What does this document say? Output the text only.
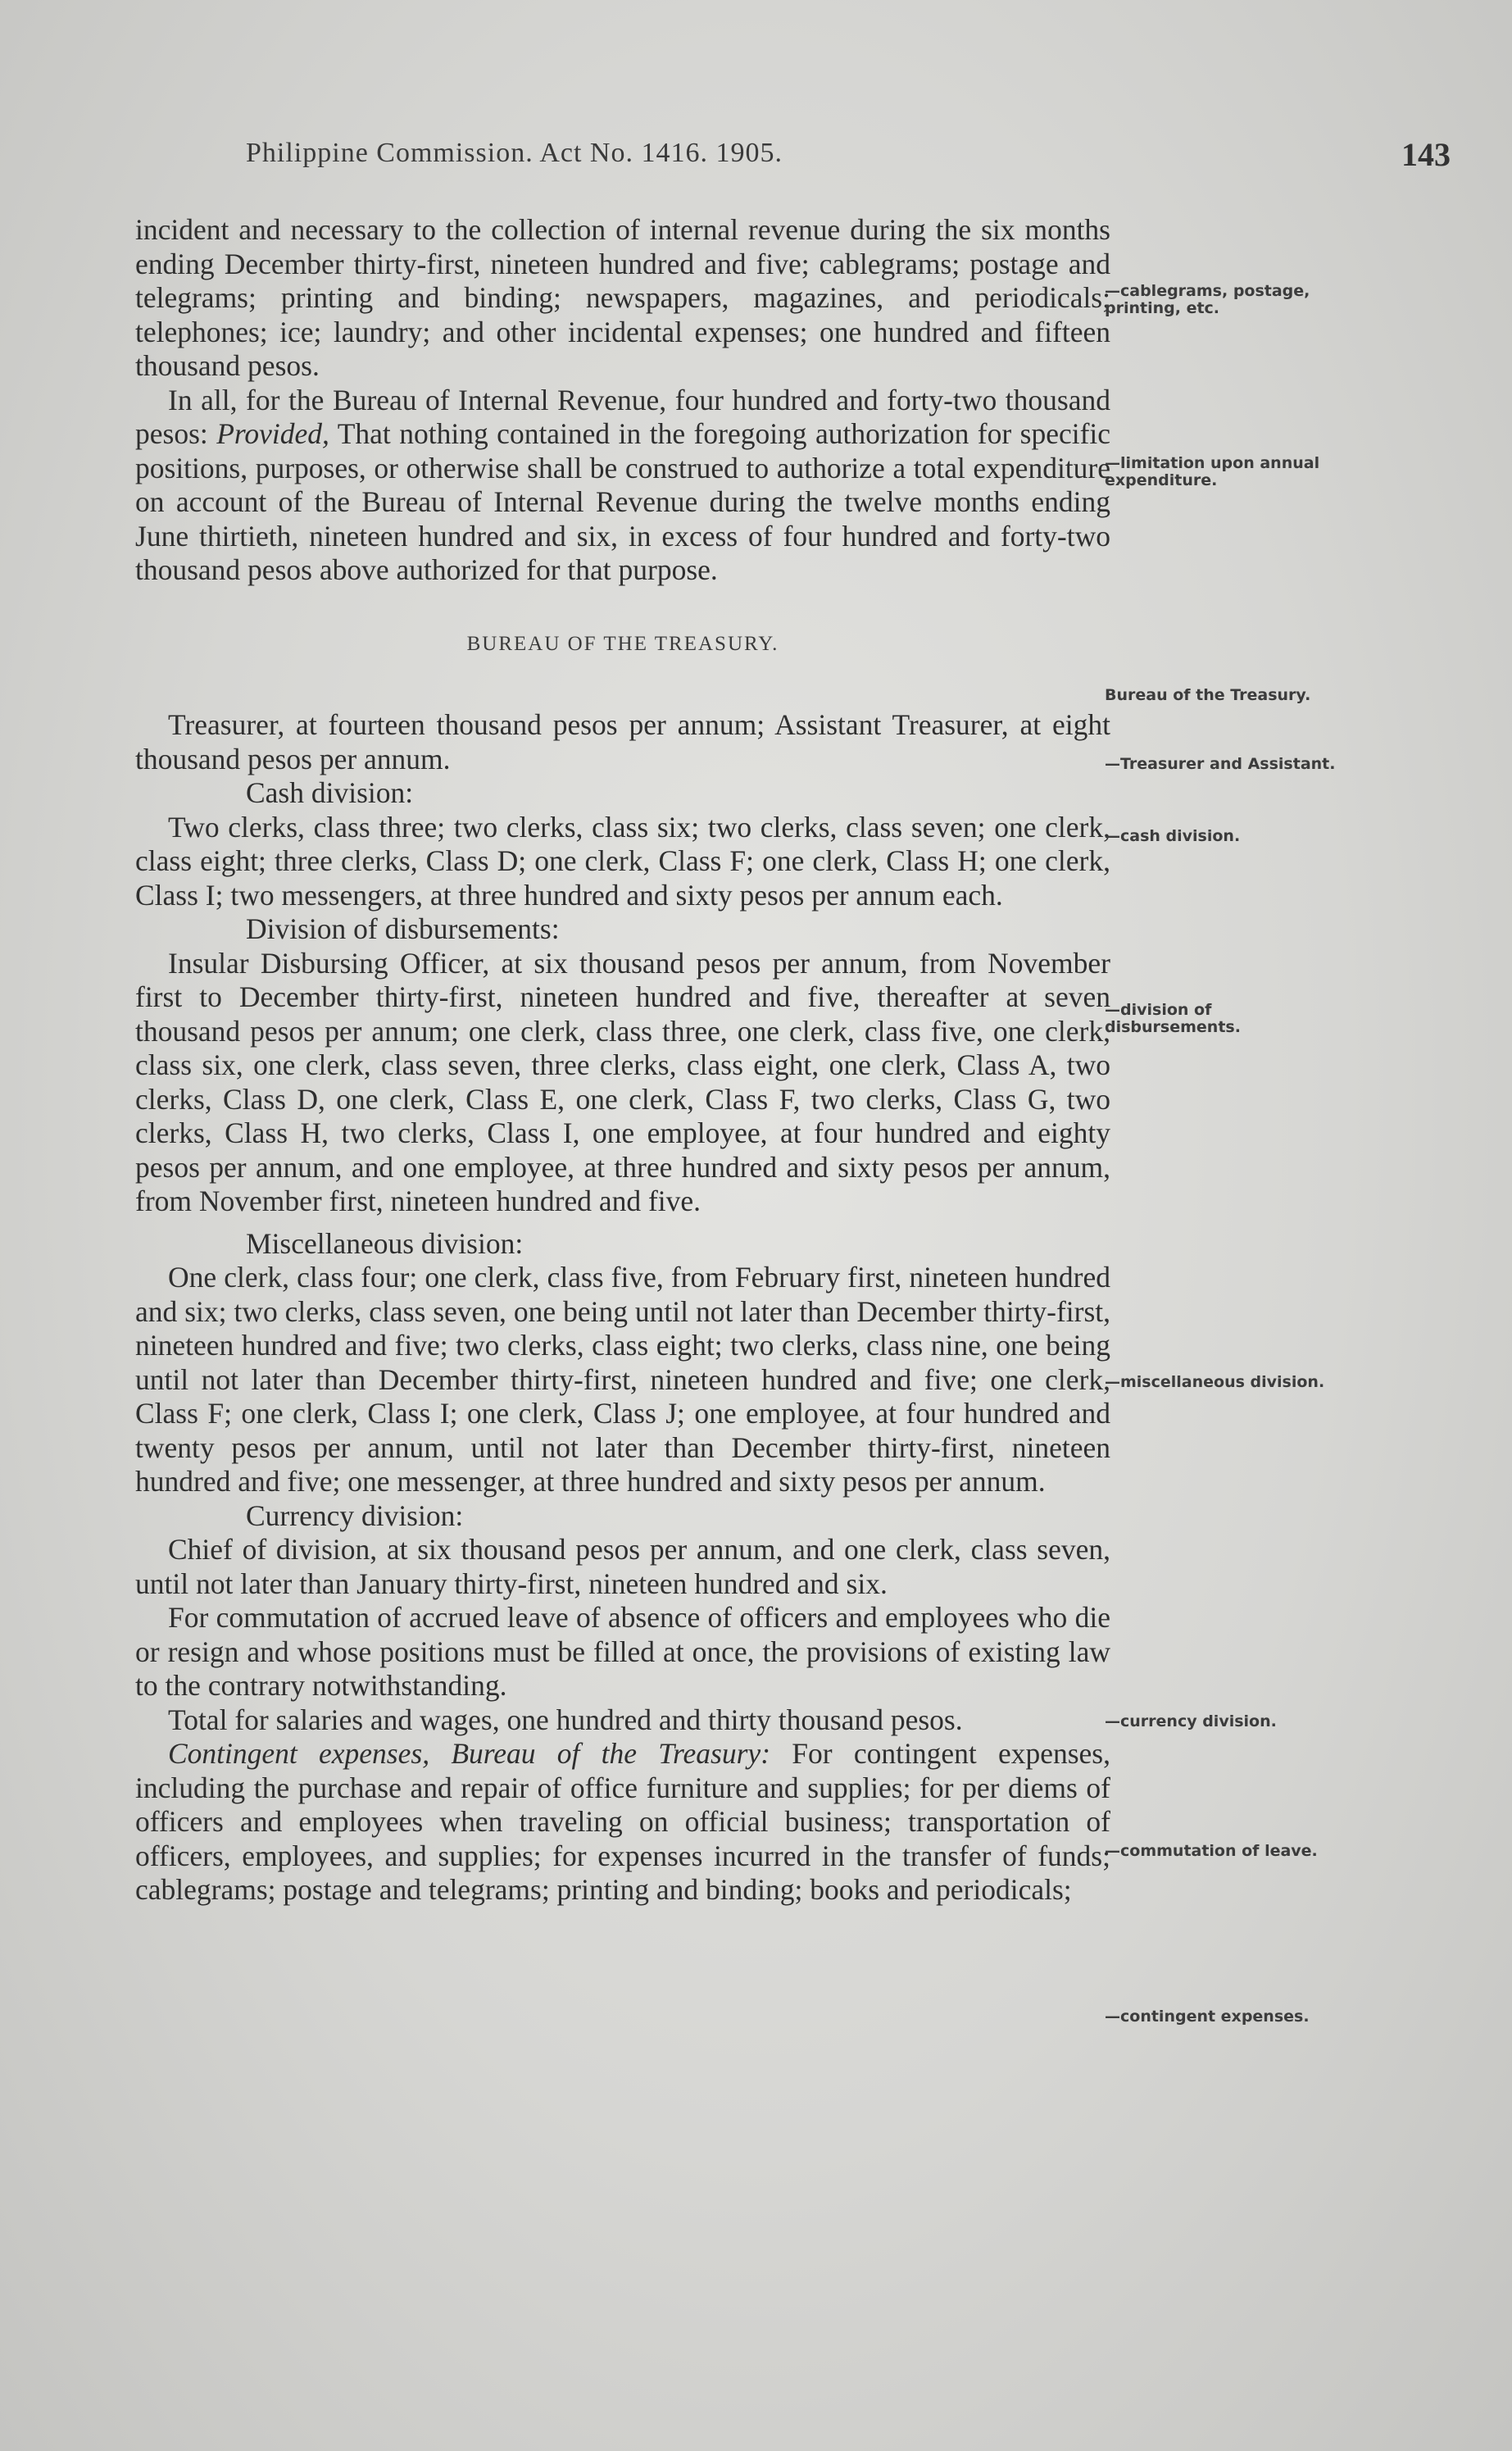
Philippine Commission. Act No. 1416. 1905.	143

incident and necessary to the collection of internal revenue during the six months ending December thirty-first, nineteen hundred and five; cablegrams; postage and telegrams; printing and binding; newspapers, magazines, and periodicals; telephones; ice; laundry; and other incidental expenses; one hundred and fifteen thousand pesos.

In all, for the Bureau of Internal Revenue, four hundred and forty-two thousand pesos: Provided, That nothing contained in the foregoing authorization for specific positions, purposes, or otherwise shall be construed to authorize a total expenditure on account of the Bureau of Internal Revenue during the twelve months ending June thirtieth, nineteen hundred and six, in excess of four hundred and forty-two thousand pesos above authorized for that purpose.

BUREAU OF THE TREASURY.

Treasurer, at fourteen thousand pesos per annum; Assistant Treasurer, at eight thousand pesos per annum.

Cash division:

Two clerks, class three; two clerks, class six; two clerks, class seven; one clerk, class eight; three clerks, Class D; one clerk, Class F; one clerk, Class H; one clerk, Class I; two messengers, at three hundred and sixty pesos per annum each.

Division of disbursements:

Insular Disbursing Officer, at six thousand pesos per annum, from November first to December thirty-first, nineteen hundred and five, thereafter at seven thousand pesos per annum; one clerk, class three, one clerk, class five, one clerk, class six, one clerk, class seven, three clerks, class eight, one clerk, Class A, two clerks, Class D, one clerk, Class E, one clerk, Class F, two clerks, Class G, two clerks, Class H, two clerks, Class I, one employee, at four hundred and eighty pesos per annum, and one employee, at three hundred and sixty pesos per annum, from November first, nineteen hundred and five.

Miscellaneous division:

One clerk, class four; one clerk, class five, from February first, nineteen hundred and six; two clerks, class seven, one being until not later than December thirty-first, nineteen hundred and five; two clerks, class eight; two clerks, class nine, one being until not later than December thirty-first, nineteen hundred and five; one clerk, Class F; one clerk, Class I; one clerk, Class J; one employee, at four hundred and twenty pesos per annum, until not later than December thirty-first, nineteen hundred and five; one messenger, at three hundred and sixty pesos per annum.

Currency division:

Chief of division, at six thousand pesos per annum, and one clerk, class seven, until not later than January thirty-first, nineteen hundred and six.

For commutation of accrued leave of absence of officers and employees who die or resign and whose positions must be filled at once, the provisions of existing law to the contrary notwithstanding.

Total for salaries and wages, one hundred and thirty thousand pesos.

Contingent expenses, Bureau of the Treasury: For contingent expenses, including the purchase and repair of office furniture and supplies; for per diems of officers and employees when traveling on official business; transportation of officers, employees, and supplies; for expenses incurred in the transfer of funds; cablegrams; postage and telegrams; printing and binding; books and periodicals;

—cablegrams, postage, printing, etc.
—limitation upon annual expenditure.
Bureau of the Treasury.
—Treasurer and Assistant.
—cash division.
—division of disbursements.
—miscellaneous division.
—currency division.
—commutation of leave.
—contingent expenses.
